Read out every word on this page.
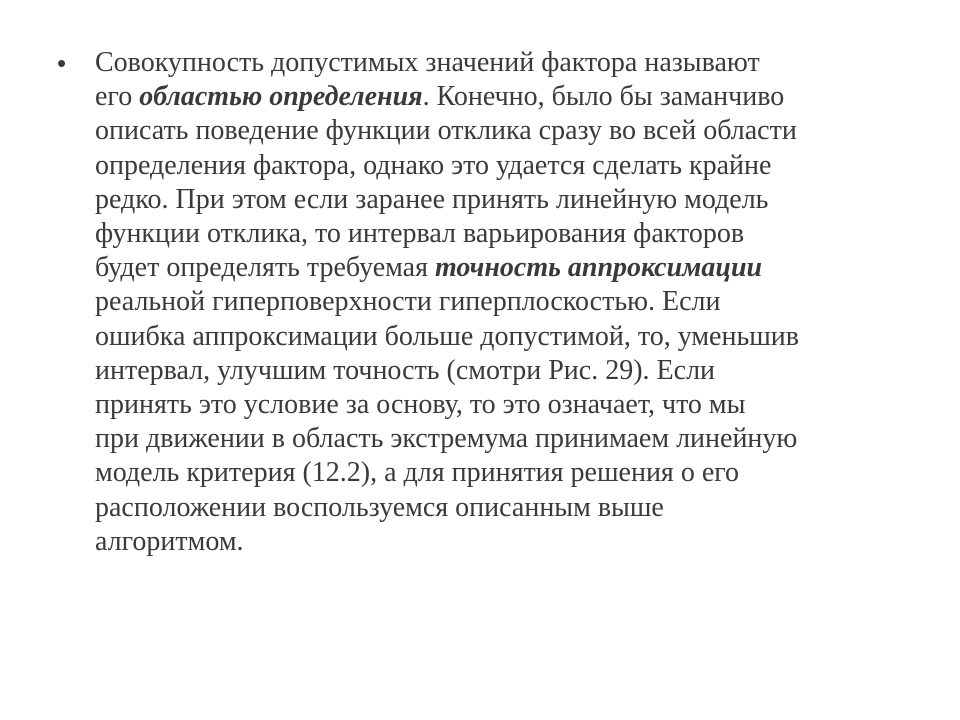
• Совокупность допустимых значений фактора называют
его областью определения. Конечно, было бы заманчиво
описать поведение функции отклика сразу во всей области
определения фактора, однако это удается сделать крайне
редко. При этом если заранее принять линейную модель
функции отклика, то интервал варьирования факторов
будет определять требуемая точность аппроксимации
реальной гиперповерхности гиперплоскостью. Если
ошибка аппроксимации больше допустимой, то, уменьшив
интервал, улучшим точность (смотри Рис. 29). Если
принять это условие за основу, то это означает, что мы
при движении в область экстремума принимаем линейную
модель критерия (12.2), а для принятия решения о его
расположении воспользуемся описанным выше
алгоритмом.
